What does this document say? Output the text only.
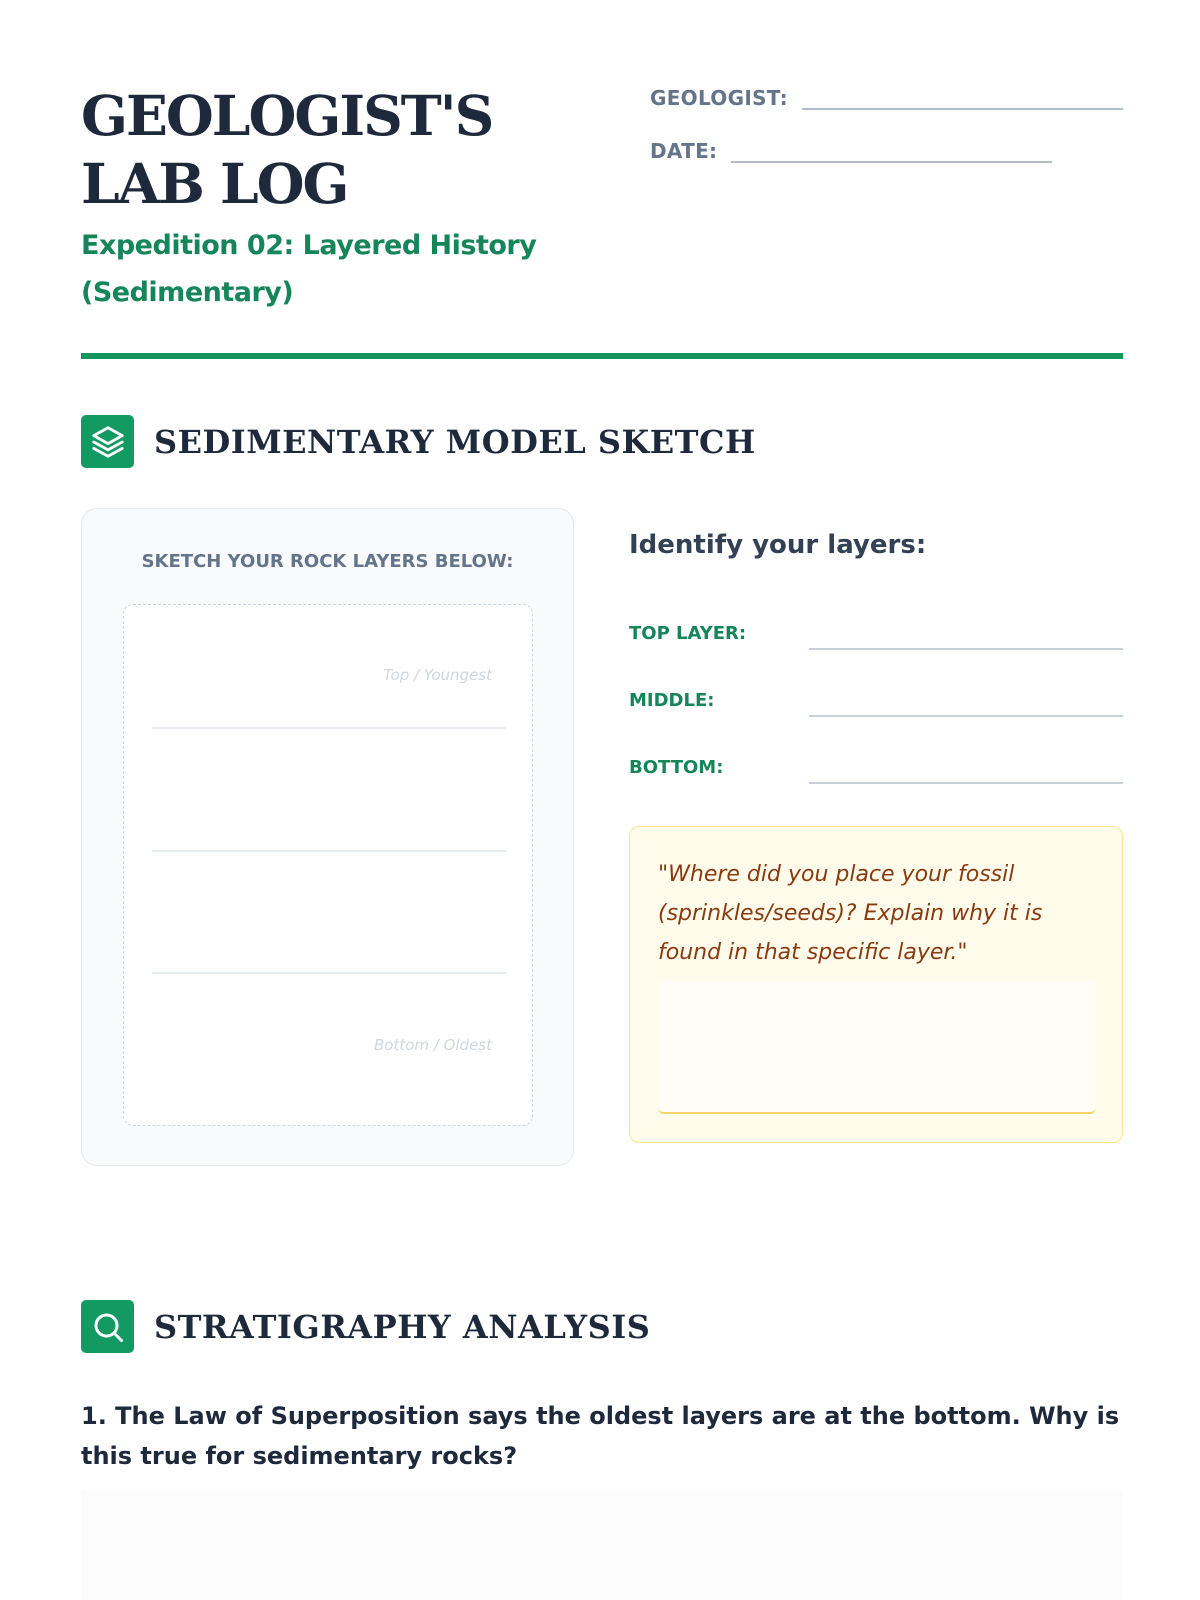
GEOLOGIST'S LAB LOG
Expedition 02: Layered History (Sedimentary)
GEOLOGIST:
DATE:
SEDIMENTARY MODEL SKETCH
SKETCH YOUR ROCK LAYERS BELOW:
Top / Youngest
Bottom / Oldest
Identify your layers:
TOP LAYER:
MIDDLE:
BOTTOM:
"Where did you place your fossil (sprinkles/seeds)? Explain why it is found in that specific layer."
STRATIGRAPHY ANALYSIS
1. The Law of Superposition says the oldest layers are at the bottom. Why is this true for sedimentary rocks?
